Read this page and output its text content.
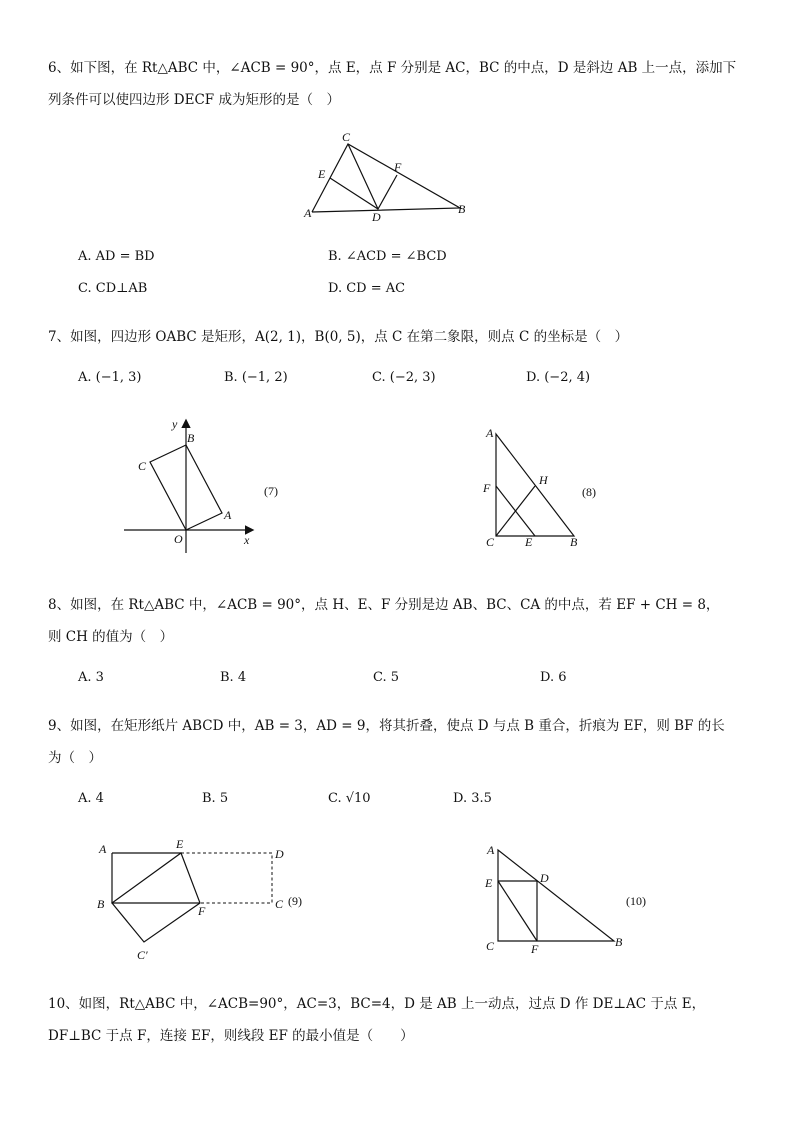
6、如下图，在 Rt△ABC 中，∠ACB = 90°，点 E，点 F 分别是 AC，BC 的中点，D 是斜边 AB 上一点，添加下
列条件可以使四边形 DECF 成为矩形的是（　）
C
E	F
A	D
B
A. AD = BD	B. ∠ACD = ∠BCD
C. CD⊥AB	D. CD = AC
7、如图，四边形 OABC 是矩形，A(2, 1)，B(0, 5)，点 C 在第二象限，则点 C 的坐标是（　）
A. (−1, 3)	B. (−1, 2)	C. (−2, 3)	D. (−2, 4)
y
x
O
B
C
A
(7)
A
F
H
C	E	B
(8)
8、如图，在 Rt△ABC 中，∠ACB = 90°，点 H、E、F 分别是边 AB、BC、CA 的中点，若 EF + CH = 8，
则 CH 的值为（　）
A. 3	B. 4	C. 5	D. 6
9、如图，在矩形纸片 ABCD 中，AB = 3，AD = 9，将其折叠，使点 D 与点 B 重合，折痕为 EF，则 BF 的长
为（　）
A. 4	B. 5	C. √10	D. 3.5
A	E
D
B	F	C
C′
(9)
A
E	D
C	F	B
(10)
10、如图，Rt△ABC 中，∠ACB=90°，AC=3，BC=4，D 是 AB 上一动点，过点 D 作 DE⊥AC 于点 E，
DF⊥BC 于点 F，连接 EF，则线段 EF 的最小值是（　　）
